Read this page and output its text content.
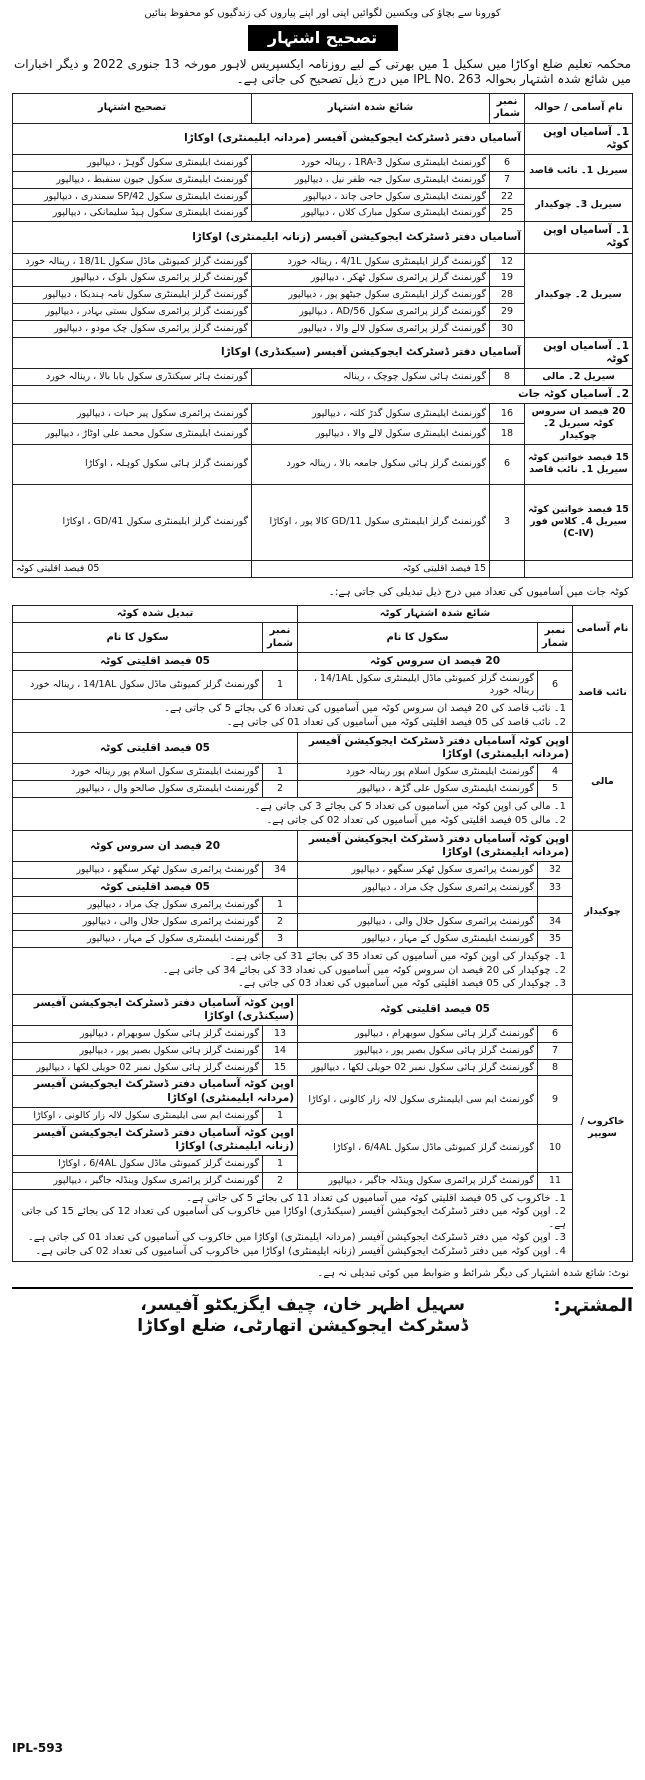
کورونا سے بچاؤ کی ویکسین لگوائیں اپنی اور اپنے پیاروں کی زندگیوں کو محفوظ بنائیں
تصحیح اشتہار
محکمہ تعلیم ضلع اوکاڑا میں سکیل 1 میں بھرتی کے لیے روزنامہ ایکسپریس لاہور مورخہ 13 جنوری 2022 و دیگر اخبارات میں شائع شدہ اشتہار بحوالہ IPL No. 263 میں درج ذیل تصحیح کی جاتی ہے۔
نام آسامی / حوالہ	نمبر شمار	شائع شدہ اشتہار	تصحیح اشتہار
1۔ آسامیاں اوپن کوٹہ	آسامیاں دفتر ڈسٹرکٹ ایجوکیشن آفیسر (مردانہ ایلیمنٹری) اوکاڑا		
سیریل 1۔ نائب قاصد	6	گورنمنٹ ایلیمنٹری سکول 1RA-3 ، رینالہ خورد	گورنمنٹ ایلیمنٹری سکول گوہڑ ، دیپالپور
	7	گورنمنٹ ایلیمنٹری سکول جبہ ظفر نیل ، دیپالپور	گورنمنٹ ایلیمنٹری سکول جیون سنفبط ، دیپالپور
سیریل 3۔ چوکیدار	22	گورنمنٹ ایلیمنٹری سکول حاجی چاند ، دیپالپور	گورنمنٹ ایلیمنٹری سکول SP/42 سمندری ، دیپالپور
	25	گورنمنٹ ایلیمنٹری سکول مبارک کلاں ، دیپالپور	گورنمنٹ ایلیمنٹری سکول ہیڈ سلیمانکی ، دیپالپور
1۔ آسامیاں اوپن کوٹہ	آسامیاں دفتر ڈسٹرکٹ ایجوکیشن آفیسر (زنانہ ایلیمنٹری) اوکاڑا		
سیریل 2۔ چوکیدار	12	گورنمنٹ گرلز ایلیمنٹری سکول 4/1L ، رینالہ خورد	گورنمنٹ گرلز کمیونٹی ماڈل سکول 18/1L ، رینالہ خورد
	19	گورنمنٹ گرلز پرائمری سکول ٹھکر ، دیپالپور	گورنمنٹ گرلز پرائمری سکول بلوک ، دیپالپور
	28	گورنمنٹ گرلز ایلیمنٹری سکول جیٹھو پور ، دیپالپور	گورنمنٹ گرلز ایلیمنٹری سکول نامہ ہندیکا ، دیپالپور
	29	گورنمنٹ گرلز پرائمری سکول 56/AD ، دیپالپور	گورنمنٹ گرلز پرائمری سکول بستی بہادر ، دیپالپور
	30	گورنمنٹ گرلز پرائمری سکول لالے والا ، دیپالپور	گورنمنٹ گرلز پرائمری سکول چک مودو ، دیپالپور
1۔ آسامیاں اوپن کوٹہ	آسامیاں دفتر ڈسٹرکٹ ایجوکیشن آفیسر (سیکنڈری) اوکاڑا		
سیریل 2۔ مالی	8	گورنمنٹ ہائی سکول چوچک ، رینالہ	گورنمنٹ ہائر سیکنڈری سکول بابا بالا ، رینالہ خورد
2۔ آسامیاں کوٹہ جات			
20 فیصد ان سروس کوٹہ سیریل 2۔ چوکیدار	16	گورنمنٹ ایلیمنٹری سکول گدڑ کلتہ ، دیپالپور	گورنمنٹ پرائمری سکول پیر حیات ، دیپالپور
	18	گورنمنٹ ایلیمنٹری سکول لالے والا ، دیپالپور	گورنمنٹ ایلیمنٹری سکول محمد علی اوٹاڑ ، دیپالپور
15 فیصد خواتین کوٹہ سیریل 1۔ نائب قاصد	6	گورنمنٹ گرلز ہائی سکول جامعہ بالا ، رینالہ خورد	گورنمنٹ گرلز ہائی سکول کوہلہ ، اوکاڑا
15 فیصد خواتین کوٹہ سیریل 4۔ کلاس فور (C-IV)	3	گورنمنٹ گرلز ایلیمنٹری سکول GD/11 کالا پور ، اوکاڑا	گورنمنٹ گرلز ایلیمنٹری سکول GD/41 ، اوکاڑا
		15 فیصد اقلیتی کوٹہ	05 فیصد اقلیتی کوٹہ
کوٹہ جات میں آسامیوں کی تعداد میں درج ذیل تبدیلی کی جاتی ہے:۔
نام آسامی	شائع شدہ اشتہار کوٹہ		تبدیل شدہ کوٹہ	
	نمبر شمار	سکول کا نام	نمبر شمار	سکول کا نام
نائب قاصد	20 فیصد ان سروس کوٹہ		05 فیصد اقلیتی کوٹہ	
	6	گورنمنٹ گرلز کمیونٹی ماڈل ایلیمنٹری سکول 14/1AL ، رینالہ خورد	1	گورنمنٹ گرلز کمیونٹی ماڈل سکول 14/1AL ، رینالہ خورد

	1۔ نائب قاصد کی 20 فیصد ان سروس کوٹہ میں آسامیوں کی تعداد 6 کی بجائے 5 کی جاتی ہے۔
2۔ نائب قاصد کی 05 فیصد اقلیتی کوٹہ میں آسامیوں کی تعداد 01 کی جاتی ہے۔			

مالی	اوپن کوٹہ آسامیاں دفتر ڈسٹرکٹ ایجوکیشن آفیسر (مردانہ ایلیمنٹری) اوکاڑا		05 فیصد اقلیتی کوٹہ	
	4	گورنمنٹ ایلیمنٹری سکول اسلام پور رینالہ خورد	1	گورنمنٹ ایلیمنٹری سکول اسلام پور رینالہ خورد
	5	گورنمنٹ ایلیمنٹری سکول علی گڑھ ، دیپالپور	2	گورنمنٹ ایلیمنٹری سکول صالحو وال ، دیپالپور

	1۔ مالی کی اوپن کوٹہ میں آسامیوں کی تعداد 5 کی بجائے 3 کی جاتی ہے۔
2۔ مالی 05 فیصد اقلیتی کوٹہ میں آسامیوں کی تعداد 02 کی جاتی ہے۔			

چوکیدار	اوپن کوٹہ آسامیاں دفتر ڈسٹرکٹ ایجوکیشن آفیسر (مردانہ ایلیمنٹری) اوکاڑا		20 فیصد ان سروس کوٹہ	
	32	گورنمنٹ پرائمری سکول ٹھکر سنگھو ، دیپالپور	34	گورنمنٹ پرائمری سکول ٹھکر سنگھو ، دیپالپور
	33	گورنمنٹ پرائمری سکول چک مراد ، دیپالپور	05 فیصد اقلیتی کوٹہ	
			1	گورنمنٹ پرائمری سکول چک مراد ، دیپالپور
	34	گورنمنٹ پرائمری سکول جلال والی ، دیپالپور	2	گورنمنٹ پرائمری سکول جلال والی ، دیپالپور
	35	گورنمنٹ ایلیمنٹری سکول کے مہار ، دیپالپور	3	گورنمنٹ ایلیمنٹری سکول کے مہار ، دیپالپور

	1۔ چوکیدار کی اوپن کوٹہ میں آسامیوں کی تعداد 35 کی بجائے 31 کی جاتی ہے۔
2۔ چوکیدار کی 20 فیصد ان سروس کوٹہ میں آسامیوں کی تعداد 33 کی بجائے 34 کی جاتی ہے۔
3۔ چوکیدار کی 05 فیصد اقلیتی کوٹہ میں آسامیوں کی تعداد 03 کی جاتی ہے۔			

خاکروب / سویپر	05 فیصد اقلیتی کوٹہ		اوپن کوٹہ آسامیاں دفتر ڈسٹرکٹ ایجوکیشن آفیسر (سیکنڈری) اوکاڑا	
	6	گورنمنٹ گرلز ہائی سکول سوبھرام ، دیپالپور	13	گورنمنٹ گرلز ہائی سکول سوبھرام ، دیپالپور
	7	گورنمنٹ گرلز ہائی سکول بصیر پور ، دیپالپور	14	گورنمنٹ گرلز ہائی سکول بصیر پور ، دیپالپور
	8	گورنمنٹ گرلز ہائی سکول نمبر 02 حویلی لکھا ، دیپالپور	15	گورنمنٹ گرلز ہائی سکول نمبر 02 حویلی لکھا ، دیپالپور
	9	گورنمنٹ ایم سی ایلیمنٹری سکول لالہ زار کالونی ، اوکاڑا	اوپن کوٹہ آسامیاں دفتر ڈسٹرکٹ ایجوکیشن آفیسر (مردانہ ایلیمنٹری) اوکاڑا	
			1	گورنمنٹ ایم سی ایلیمنٹری سکول لالہ زار کالونی ، اوکاڑا
	10	گورنمنٹ گرلز کمیونٹی ماڈل سکول 6/4AL ، اوکاڑا	اوپن کوٹہ آسامیاں دفتر ڈسٹرکٹ ایجوکیشن آفیسر (زنانہ ایلیمنٹری) اوکاڑا	
			1	گورنمنٹ گرلز کمیونٹی ماڈل سکول 6/4AL ، اوکاڑا
	11	گورنمنٹ گرلز پرائمری سکول وینڈلہ جاگیر ، دیپالپور	2	گورنمنٹ گرلز پرائمری سکول وینڈلہ جاگیر ، دیپالپور

	1۔ خاکروب کی 05 فیصد اقلیتی کوٹہ میں آسامیوں کی تعداد 11 کی بجائے 5 کی جاتی ہے۔
2۔ اوپن کوٹہ میں دفتر ڈسٹرکٹ ایجوکیشن آفیسر (سیکنڈری) اوکاڑا میں خاکروب کی آسامیوں کی تعداد 12 کی بجائے 15 کی جاتی ہے۔
3۔ اوپن کوٹہ میں دفتر ڈسٹرکٹ ایجوکیشن آفیسر (مردانہ ایلیمنٹری) اوکاڑا میں خاکروب کی آسامیوں کی تعداد 01 کی جاتی ہے۔
4۔ اوپن کوٹہ میں دفتر ڈسٹرکٹ ایجوکیشن آفیسر (زنانہ ایلیمنٹری) اوکاڑا میں خاکروب کی آسامیوں کی تعداد 02 کی جاتی ہے۔			
نوٹ: شائع شدہ اشتہار کی دیگر شرائط و ضوابط میں کوئی تبدیلی نہ ہے۔
المشتہر:
سہیل اظہر خان، چیف ایگزیکٹو آفیسر،
ڈسٹرکٹ ایجوکیشن اتھارٹی، ضلع اوکاڑا
IPL-593
